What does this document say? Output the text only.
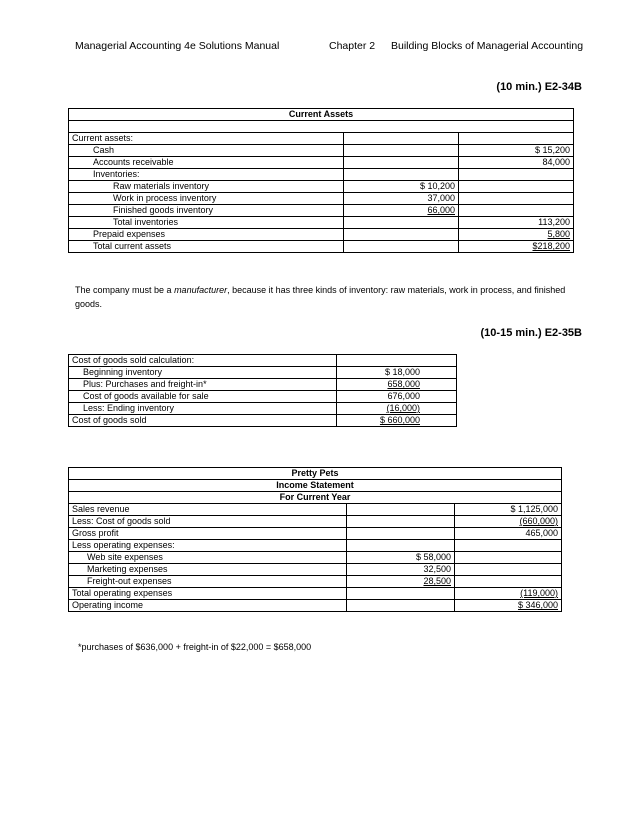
Managerial Accounting 4e Solutions Manual	Chapter 2 Building Blocks of Managerial Accounting
(10 min.) E2-34B
Current Assets		

Current assets:		
Cash		$ 15,200
Accounts receivable		84,000
Inventories:		
Raw materials inventory	$ 10,200	
Work in process inventory	37,000	
Finished goods inventory	66,000	
Total inventories		113,200
Prepaid expenses		5,800
Total current assets		$218,200
The company must be a manufacturer, because it has three kinds of inventory: raw materials, work in process, and finished goods.
(10-15 min.) E2-35B
Cost of goods sold calculation:	
Beginning inventory	$ 18,000
Plus: Purchases and freight-in*	658,000
Cost of goods available for sale	676,000
Less: Ending inventory	(16,000)
Cost of goods sold	$ 660,000
Pretty Pets		
Income Statement		
For Current Year		
Sales revenue		$ 1,125,000
Less: Cost of goods sold		(660,000)
Gross profit		465,000
Less operating expenses:		
Web site expenses	$ 58,000	
Marketing expenses	32,500	
Freight-out expenses	28,500	
Total operating expenses		(119,000)
Operating income		$ 346,000
*purchases of $636,000 + freight-in of $22,000 = $658,000
